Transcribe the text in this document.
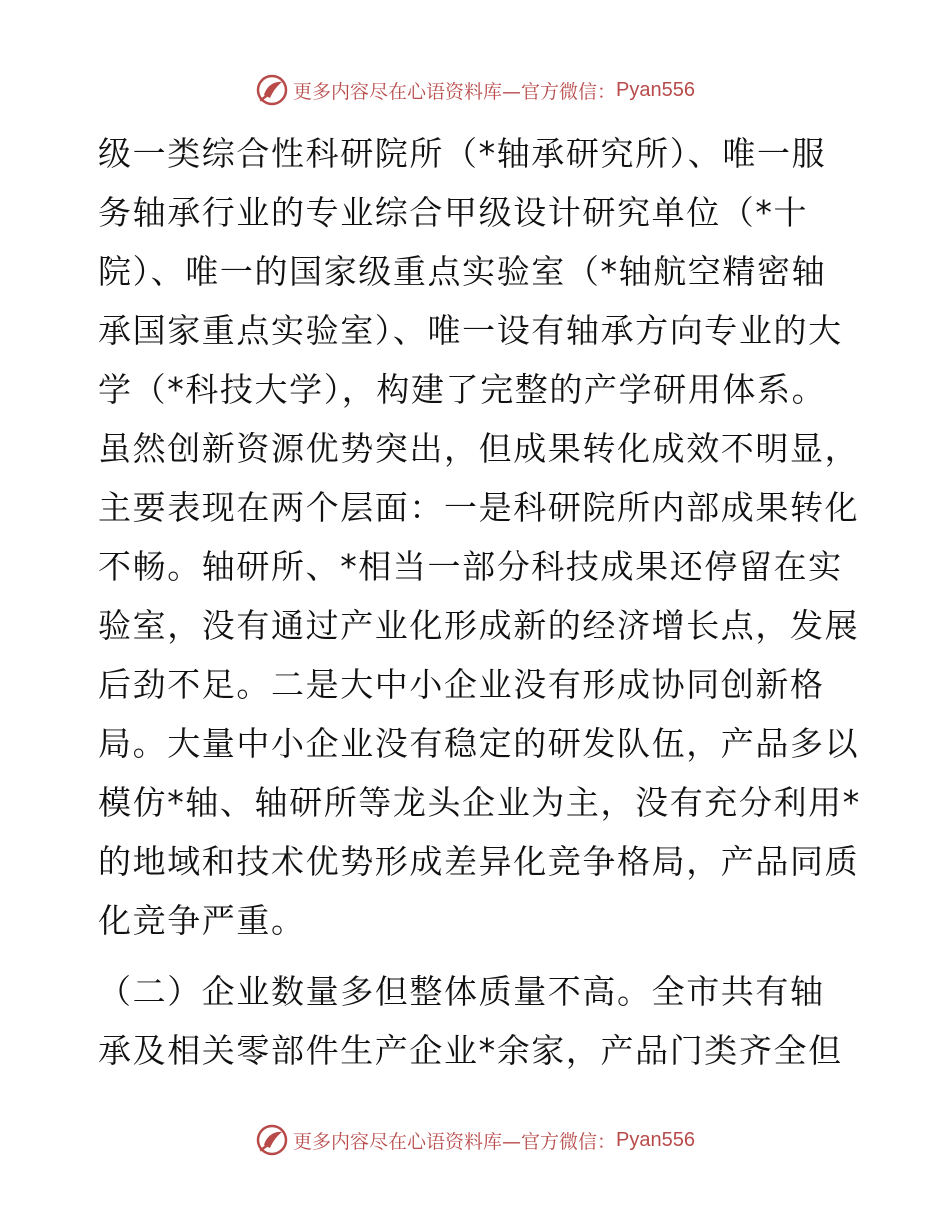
更多内容尽在心语资料库—官方微信： Pyan556
级一类综合性科研院所（*轴承研究所）、唯一服
务轴承行业的专业综合甲级设计研究单位（*十
院）、唯一的国家级重点实验室（*轴航空精密轴
承国家重点实验室）、唯一设有轴承方向专业的大
学（*科技大学），构建了完整的产学研用体系。
虽然创新资源优势突出，但成果转化成效不明显，
主要表现在两个层面：一是科研院所内部成果转化
不畅。轴研所、*相当一部分科技成果还停留在实
验室，没有通过产业化形成新的经济增长点，发展
后劲不足。二是大中小企业没有形成协同创新格
局。大量中小企业没有稳定的研发队伍，产品多以
模仿*轴、轴研所等龙头企业为主，没有充分利用*
的地域和技术优势形成差异化竞争格局，产品同质
化竞争严重。
（二）企业数量多但整体质量不高。全市共有轴
承及相关零部件生产企业*余家，产品门类齐全但
更多内容尽在心语资料库—官方微信： Pyan556
